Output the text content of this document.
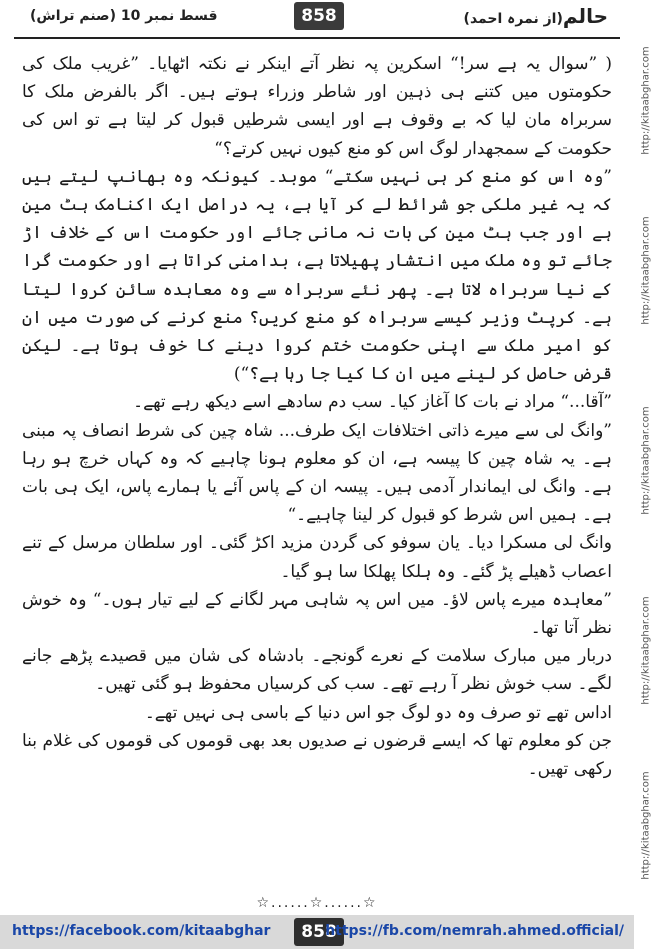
قسط نمبر 10 (صنم تراش)	858	حالم(از نمرہ احمد)
http://kitaabghar.com
http://kitaabghar.com
http://kitaabghar.com
http://kitaabghar.com
http://kitaabghar.com

( ”سوال یہ ہے سر!“ اسکرین پہ نظر آتے اینکر نے نکتہ اٹھایا۔ ”غریب ملک کی حکومتوں میں کتنے ہی ذہین اور شاطر وزراء ہوتے ہیں۔ اگر بالفرض ملک کا سربراہ مان لیا کہ بے وقوف ہے اور ایسی شرطیں قبول کر لیتا ہے تو اس کی حکومت کے سمجھدار لوگ اس کو منع کیوں نہیں کرتے؟“

”وہ اس کو منع کر ہی نہیں سکتے“ موبد۔ کیونکہ وہ بھانپ لیتے ہیں کہ یہ غیر ملکی جو شرائط لے کر آیا ہے، یہ دراصل ایک اکنامک ہٹ مین ہے اور جب ہٹ مین کی بات نہ مانی جائے اور حکومت اس کے خلاف اڑ جائے تو وہ ملک میں انتشار پھیلاتا ہے، بدامنی کراتا ہے اور حکومت گرا کے نیا سربراہ لاتا ہے۔ پھر نئے سربراہ سے وہ معاہدہ سائن کروا لیتا ہے۔ کرپٹ وزیر کیسے سربراہ کو منع کریں؟ منع کرنے کی صورت میں ان کو امیر ملک سے اپنی حکومت ختم کروا دینے کا خوف ہوتا ہے۔ لیکن قرض حاصل کر لینے میں ان کا کیا جا رہا ہے؟“)

”آقا...“ مراد نے بات کا آغاز کیا۔ سب دم سادھے اسے دیکھ رہے تھے۔

”وانگ لی سے میرے ذاتی اختلافات ایک طرف... شاہ چین کی شرط انصاف پہ مبنی ہے۔ یہ شاہ چین کا پیسہ ہے، ان کو معلوم ہونا چاہیے کہ وہ کہاں خرچ ہو رہا ہے۔ وانگ لی ایماندار آدمی ہیں۔ پیسہ ان کے پاس آئے یا ہمارے پاس، ایک ہی بات ہے۔ ہمیں اس شرط کو قبول کر لینا چاہیے۔“

وانگ لی مسکرا دیا۔ یان سوفو کی گردن مزید اکڑ گئی۔ اور سلطان مرسل کے تنے اعصاب ڈھیلے پڑ گئے۔ وہ ہلکا پھلکا سا ہو گیا۔

”معاہدہ میرے پاس لاؤ۔ میں اس پہ شاہی مہر لگانے کے لیے تیار ہوں۔“ وہ خوش نظر آتا تھا۔

دربار میں مبارک سلامت کے نعرے گونجے۔ بادشاہ کی شان میں قصیدے پڑھے جانے لگے۔ سب خوش نظر آ رہے تھے۔ سب کی کرسیاں محفوظ ہو گئی تھیں۔

اداس تھے تو صرف وہ دو لوگ جو اس دنیا کے باسی ہی نہیں تھے۔

جن کو معلوم تھا کہ ایسے قرضوں نے صدیوں بعد بھی قوموں کی قوموں کی غلام بنا رکھی تھیں۔

☆......☆......☆
https://facebook.com/kitaabghar	858
https://fb.com/nemrah.ahmed.official/
